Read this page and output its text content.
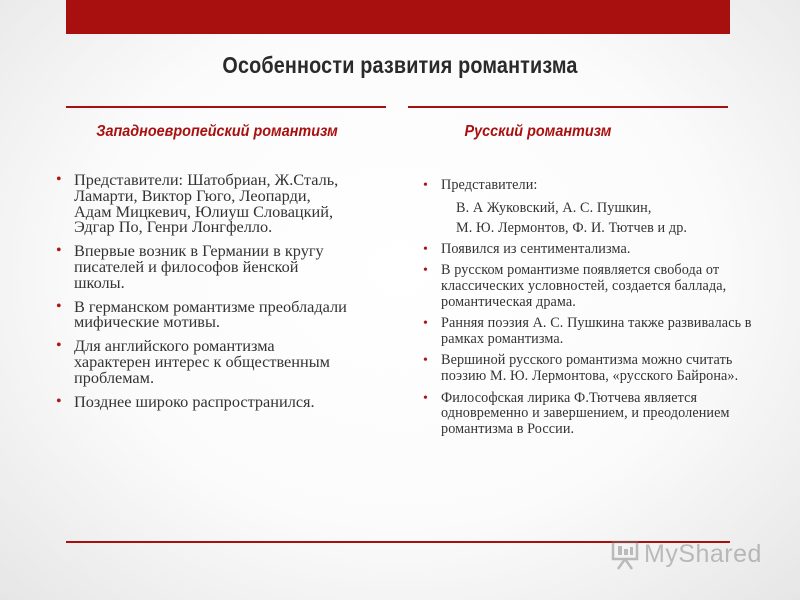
Особенности развития романтизма
Западноевропейский романтизм	Русский романтизм
• Представители: Шатобриан, Ж.Сталь, Ламарти, Виктор Гюго, Леопарди, Адам Мицкевич, Юлиуш Словацкий, Эдгар По, Генри Лонгфелло.
• Впервые возник в Германии в кругу писателей и философов йенской школы.
• В германском романтизме преобладали мифические мотивы.
• Для английского романтизма характерен интерес к общественным проблемам.
• Позднее широко распространился.
• Представители:
В. А Жуковский, А. С. Пушкин,
М. Ю. Лермонтов, Ф. И. Тютчев и др.
• Появился из сентиментализма.
• В русском романтизме появляется свобода от классических условностей, создается баллада, романтическая драма.
• Ранняя поэзия А. С. Пушкина также развивалась в рамках романтизма.
• Вершиной русского романтизма можно считать поэзию М. Ю. Лермонтова, «русского Байрона».
• Философская лирика Ф.Тютчева является одновременно и завершением, и преодолением романтизма в России.
MyShared
